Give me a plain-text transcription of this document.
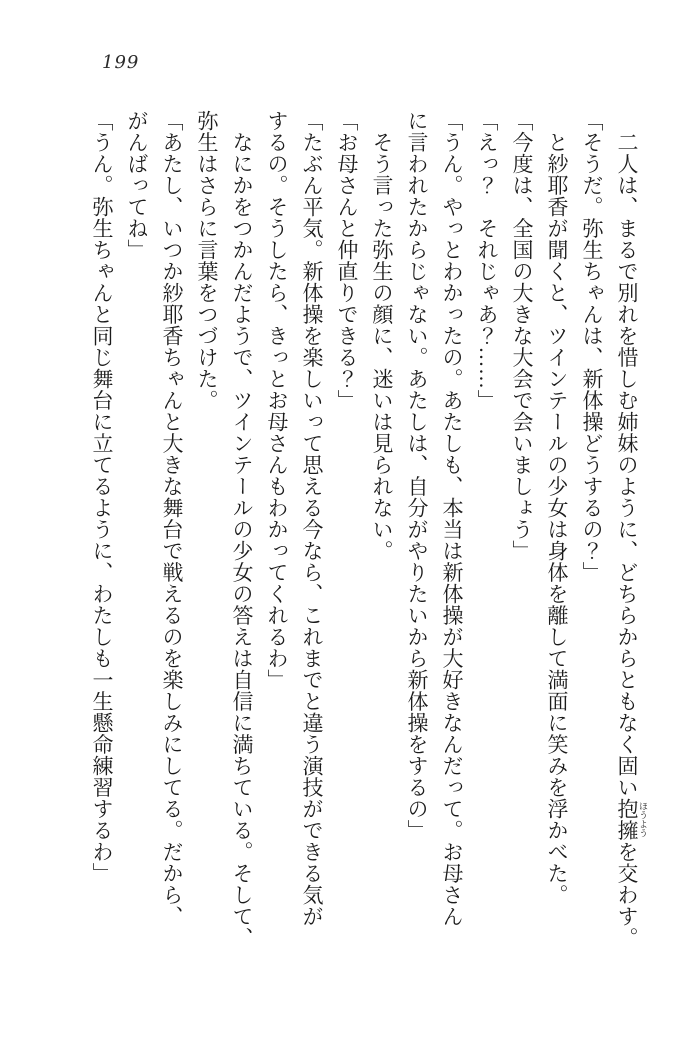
199
　二人は、まるで別れを惜しむ姉妹のように、どちらからともなく固い抱擁 ほうようを交わす。
「そうだ。弥生ちゃんは、新体操どうするの？」
　と紗耶香が聞くと、ツインテールの少女は身体を離して満面に笑みを浮かべた。
「今度は、全国の大きな大会で会いましょう」
「えっ？　それじゃあ？……」
「うん。やっとわかったの。あたしも、本当は新体操が大好きなんだって。お母さん
に言われたからじゃない。あたしは、自分がやりたいから新体操をするの」
　そう言った弥生の顔に、迷いは見られない。
「お母さんと仲直りできる？」
「たぶん平気。新体操を楽しいって思える今なら、これまでと違う演技ができる気が
するの。そうしたら、きっとお母さんもわかってくれるわ」
　なにかをつかんだようで、ツインテールの少女の答えは自信に満ちている。そして、
弥生はさらに言葉をつづけた。
「あたし、いつか紗耶香ちゃんと大きな舞台で戦えるのを楽しみにしてる。だから、
がんばってね」
「うん。弥生ちゃんと同じ舞台に立てるように、わたしも一生懸命練習するわ」
